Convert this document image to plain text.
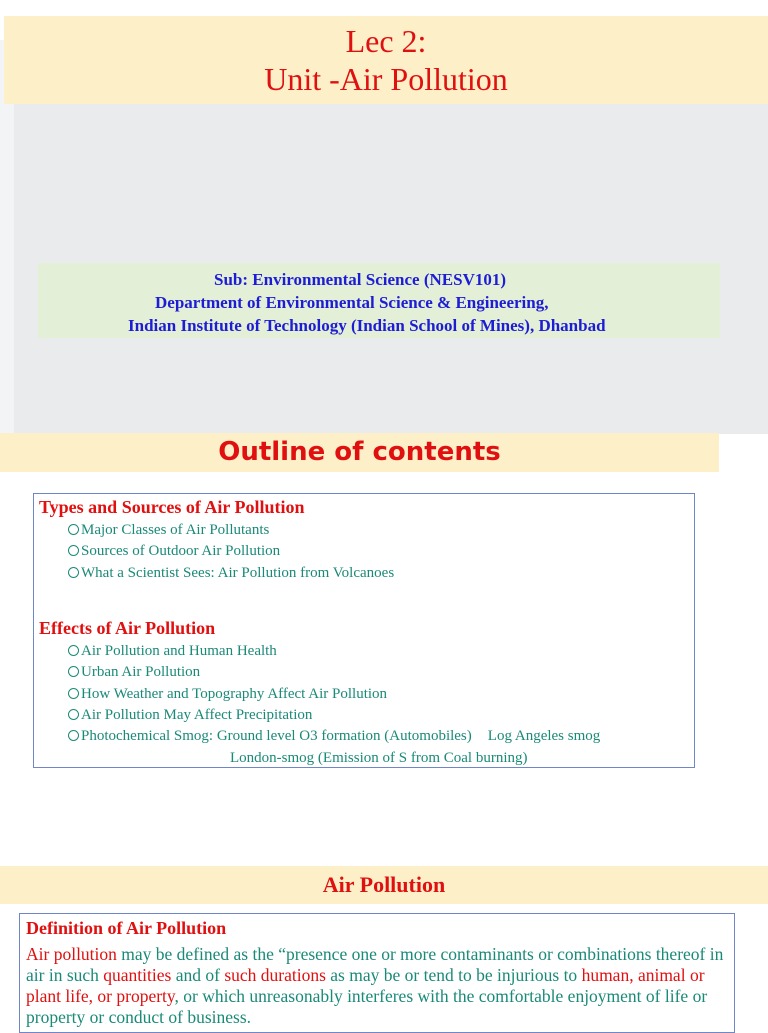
Lec 2:
Unit -Air Pollution
Sub: Environmental Science (NESV101)
Department of Environmental Science & Engineering,
Indian Institute of Technology (Indian School of Mines), Dhanbad
Outline of contents
Types and Sources of Air Pollution
Major Classes of Air Pollutants
Sources of Outdoor Air Pollution
What a Scientist Sees: Air Pollution from Volcanoes
Effects of Air Pollution
Air Pollution and Human Health
Urban Air Pollution
How Weather and Topography Affect Air Pollution
Air Pollution May Affect Precipitation
Photochemical Smog: Ground level O3 formation (Automobiles) Log Angeles smog
London-smog (Emission of S from Coal burning)
Air Pollution
Definition of Air Pollution
Air pollution may be defined as the “presence one or more contaminants or combinations thereof in air in such quantities and of such durations as may be or tend to be injurious to human, animal or plant life, or property, or which unreasonably interferes with the comfortable enjoyment of life or property or conduct of business.
